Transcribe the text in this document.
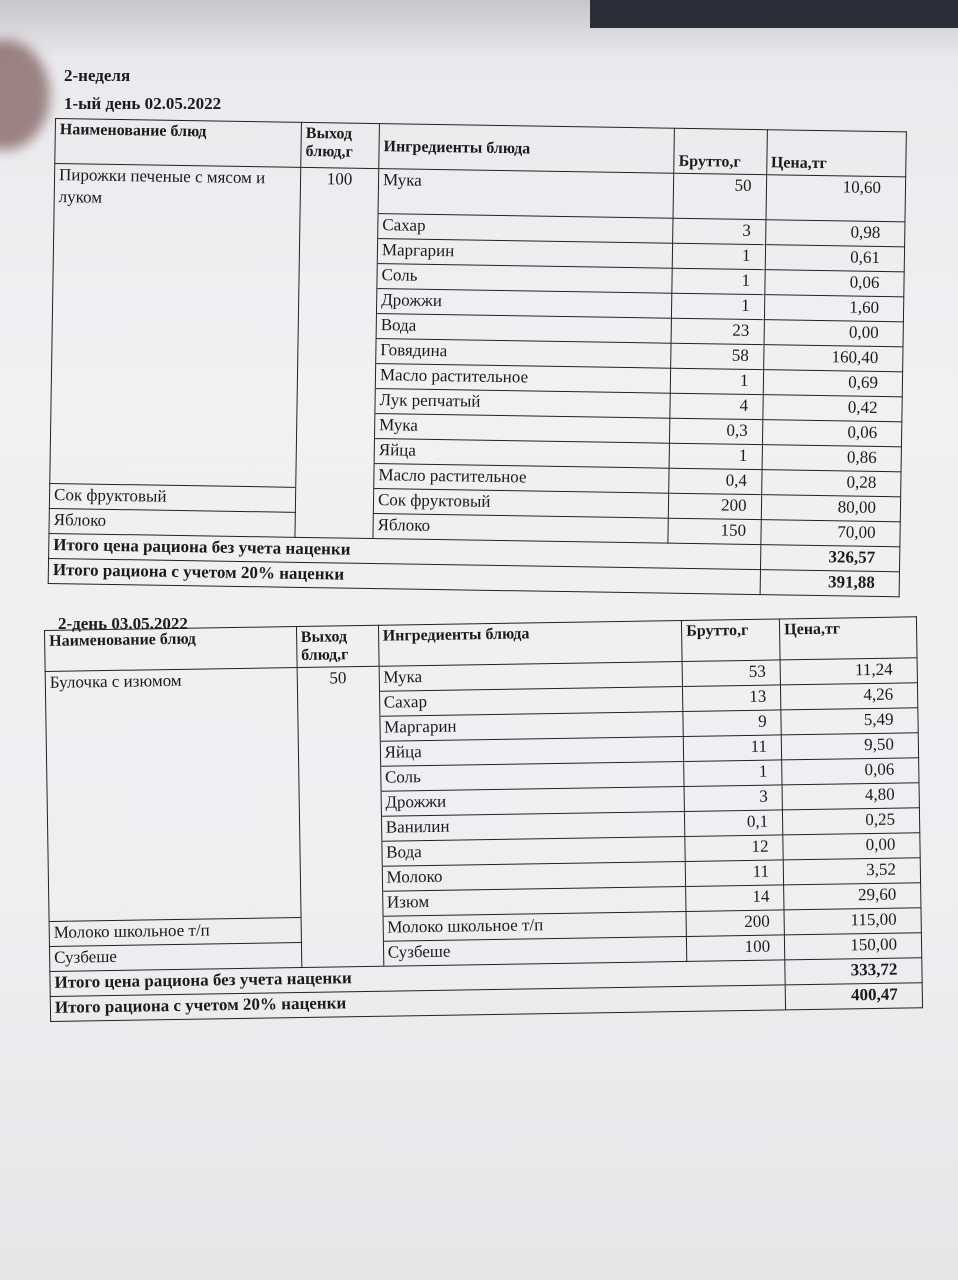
2-неделя
1-ый день 02.05.2022
2-день 03.05.2022
Наименование блюд	Выход блюд,г	Ингредиенты блюда	Брутто,г	Цена,тг
Пирожки печеные с мясом и луком	100	Мука	50	10,60
		Сахар	3	0,98
		Маргарин	1	0,61
		Соль	1	0,06
		Дрожжи	1	1,60
		Вода	23	0,00
		Говядина	58	160,40
		Масло растительное	1	0,69
		Лук репчатый	4	0,42
		Мука	0,3	0,06
		Яйца	1	0,86
		Масло растительное	0,4	0,28
Сок фруктовый		Сок фруктовый	200	80,00
Яблоко		Яблоко	150	70,00
Итого цена рациона без учета наценки				326,57
Итого рациона с учетом 20% наценки				391,88
Наименование блюд	Выход блюд,г	Ингредиенты блюда	Брутто,г	Цена,тг
Булочка с изюмом	50	Мука	53	11,24
		Сахар	13	4,26
		Маргарин	9	5,49
		Яйца	11	9,50
		Соль	1	0,06
		Дрожжи	3	4,80
		Ванилин	0,1	0,25
		Вода	12	0,00
		Молоко	11	3,52
		Изюм	14	29,60
Молоко школьное т/п		Молоко школьное т/п	200	115,00
Сузбеше		Сузбеше	100	150,00
Итого цена рациона без учета наценки				333,72
Итого рациона с учетом 20% наценки				400,47
